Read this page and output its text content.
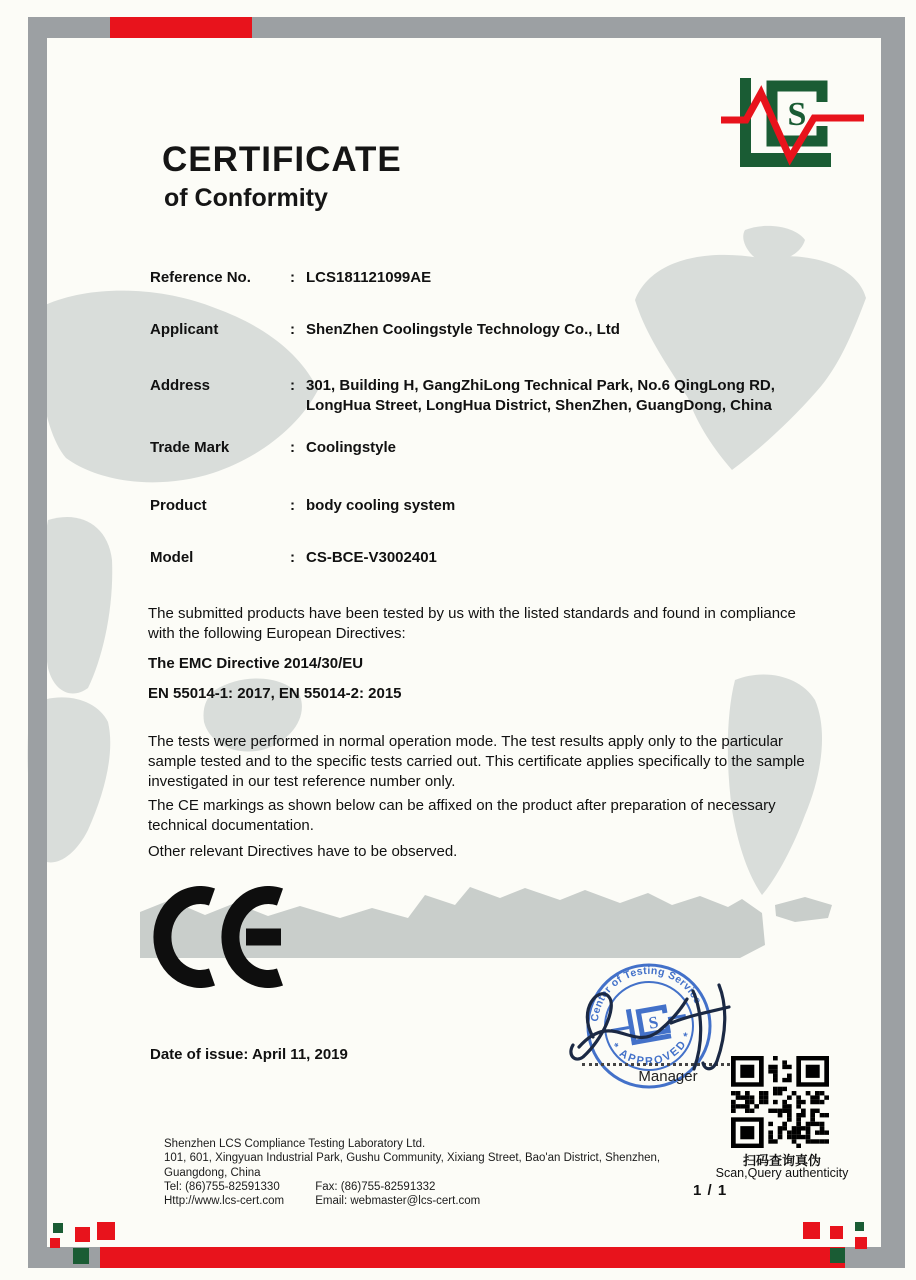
S
CERTIFICATE
of Conformity
Reference No.	: LCS181121099AE
Applicant	: ShenZhen Coolingstyle Technology Co., Ltd
Address	: 301, Building H, GangZhiLong Technical Park, No.6 QingLong RD, LongHua Street, LongHua District, ShenZhen, GuangDong, China
Trade Mark	: Coolingstyle
Product	: body cooling system
Model	: CS-BCE-V3002401
The submitted products have been tested by us with the listed standards and found in compliance with the following European Directives:
The EMC Directive 2014/30/EU
EN 55014-1: 2017, EN 55014-2: 2015
The tests were performed in normal operation mode. The test results apply only to the particular sample tested and to the specific tests carried out. This certificate applies specifically to the sample investigated in our test reference number only.
The CE markings as shown below can be affixed on the product after preparation of necessary technical documentation.
Other relevant Directives have to be observed.
Date of issue: April 11, 2019
Center of Testing Service
* APPROVED *
S
Manager
扫码查询真伪
Scan,Query authenticity
1 / 1
Shenzhen LCS Compliance Testing Laboratory Ltd.
101, 601, Xingyuan Industrial Park, Gushu Community, Xixiang Street, Bao'an District, Shenzhen,
Guangdong, China
Tel: (86)755-82591330	Fax: (86)755-82591332
Http://www.lcs-cert.com	Email: webmaster@lcs-cert.com
